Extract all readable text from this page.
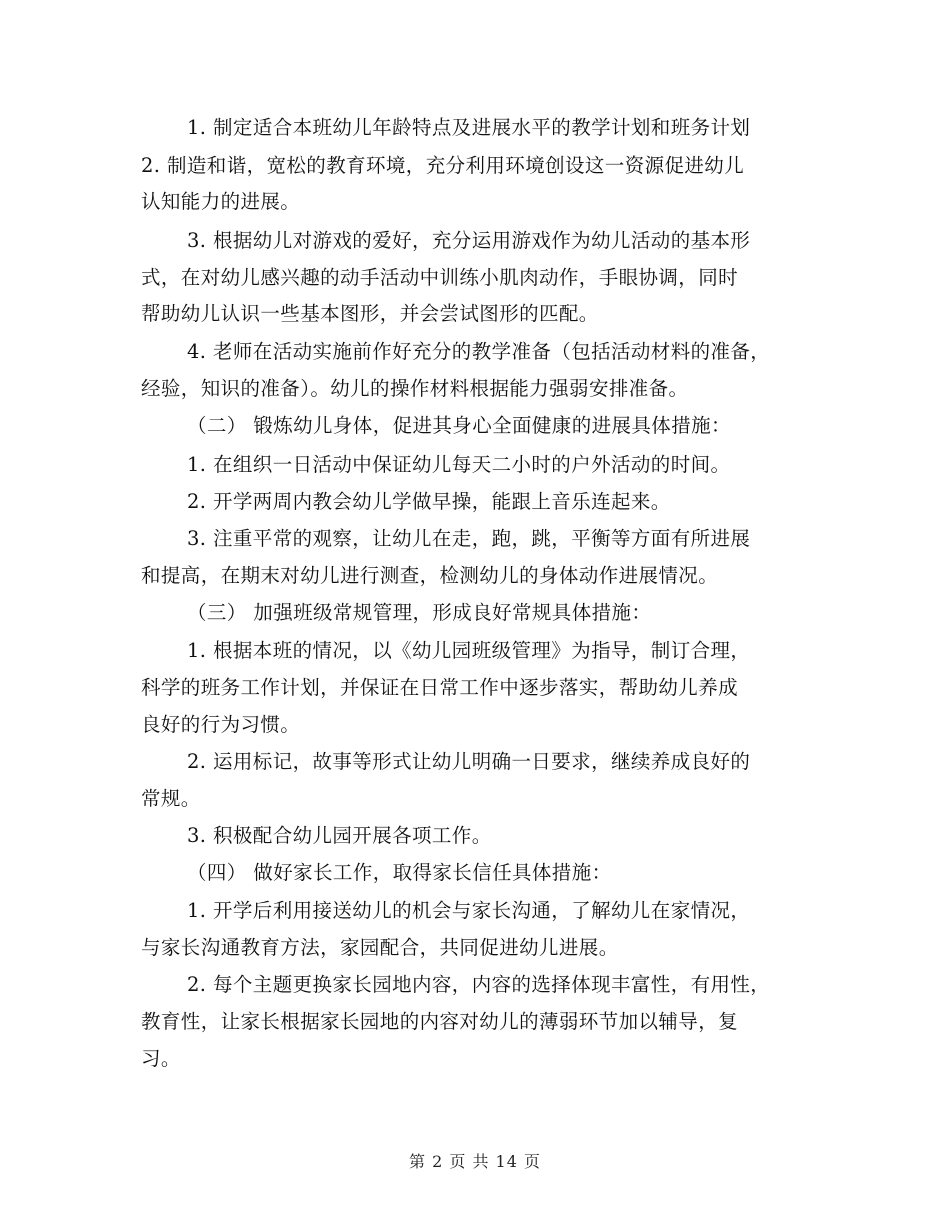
1. 制定适合本班幼儿年龄特点及进展水平的教学计划和班务计划
2. 制造和谐，宽松的教育环境，充分利用环境创设这一资源促进幼儿
认知能力的进展。
3. 根据幼儿对游戏的爱好，充分运用游戏作为幼儿活动的基本形
式，在对幼儿感兴趣的动手活动中训练小肌肉动作，手眼协调，同时
帮助幼儿认识一些基本图形，并会尝试图形的匹配。
4. 老师在活动实施前作好充分的教学准备（包括活动材料的准备，
经验，知识的准备）。幼儿的操作材料根据能力强弱安排准备。
（二） 锻炼幼儿身体，促进其身心全面健康的进展具体措施：
1. 在组织一日活动中保证幼儿每天二小时的户外活动的时间。
2. 开学两周内教会幼儿学做早操，能跟上音乐连起来。
3. 注重平常的观察，让幼儿在走，跑，跳，平衡等方面有所进展
和提高，在期末对幼儿进行测查，检测幼儿的身体动作进展情况。
（三） 加强班级常规管理，形成良好常规具体措施：
1. 根据本班的情况，以《幼儿园班级管理》为指导，制订合理，
科学的班务工作计划，并保证在日常工作中逐步落实，帮助幼儿养成
良好的行为习惯。
2. 运用标记，故事等形式让幼儿明确一日要求，继续养成良好的
常规。
3. 积极配合幼儿园开展各项工作。
（四） 做好家长工作，取得家长信任具体措施：
1. 开学后利用接送幼儿的机会与家长沟通，了解幼儿在家情况，
与家长沟通教育方法，家园配合，共同促进幼儿进展。
2. 每个主题更换家长园地内容，内容的选择体现丰富性，有用性，
教育性，让家长根据家长园地的内容对幼儿的薄弱环节加以辅导，复
习。
第 2 页 共 14 页
